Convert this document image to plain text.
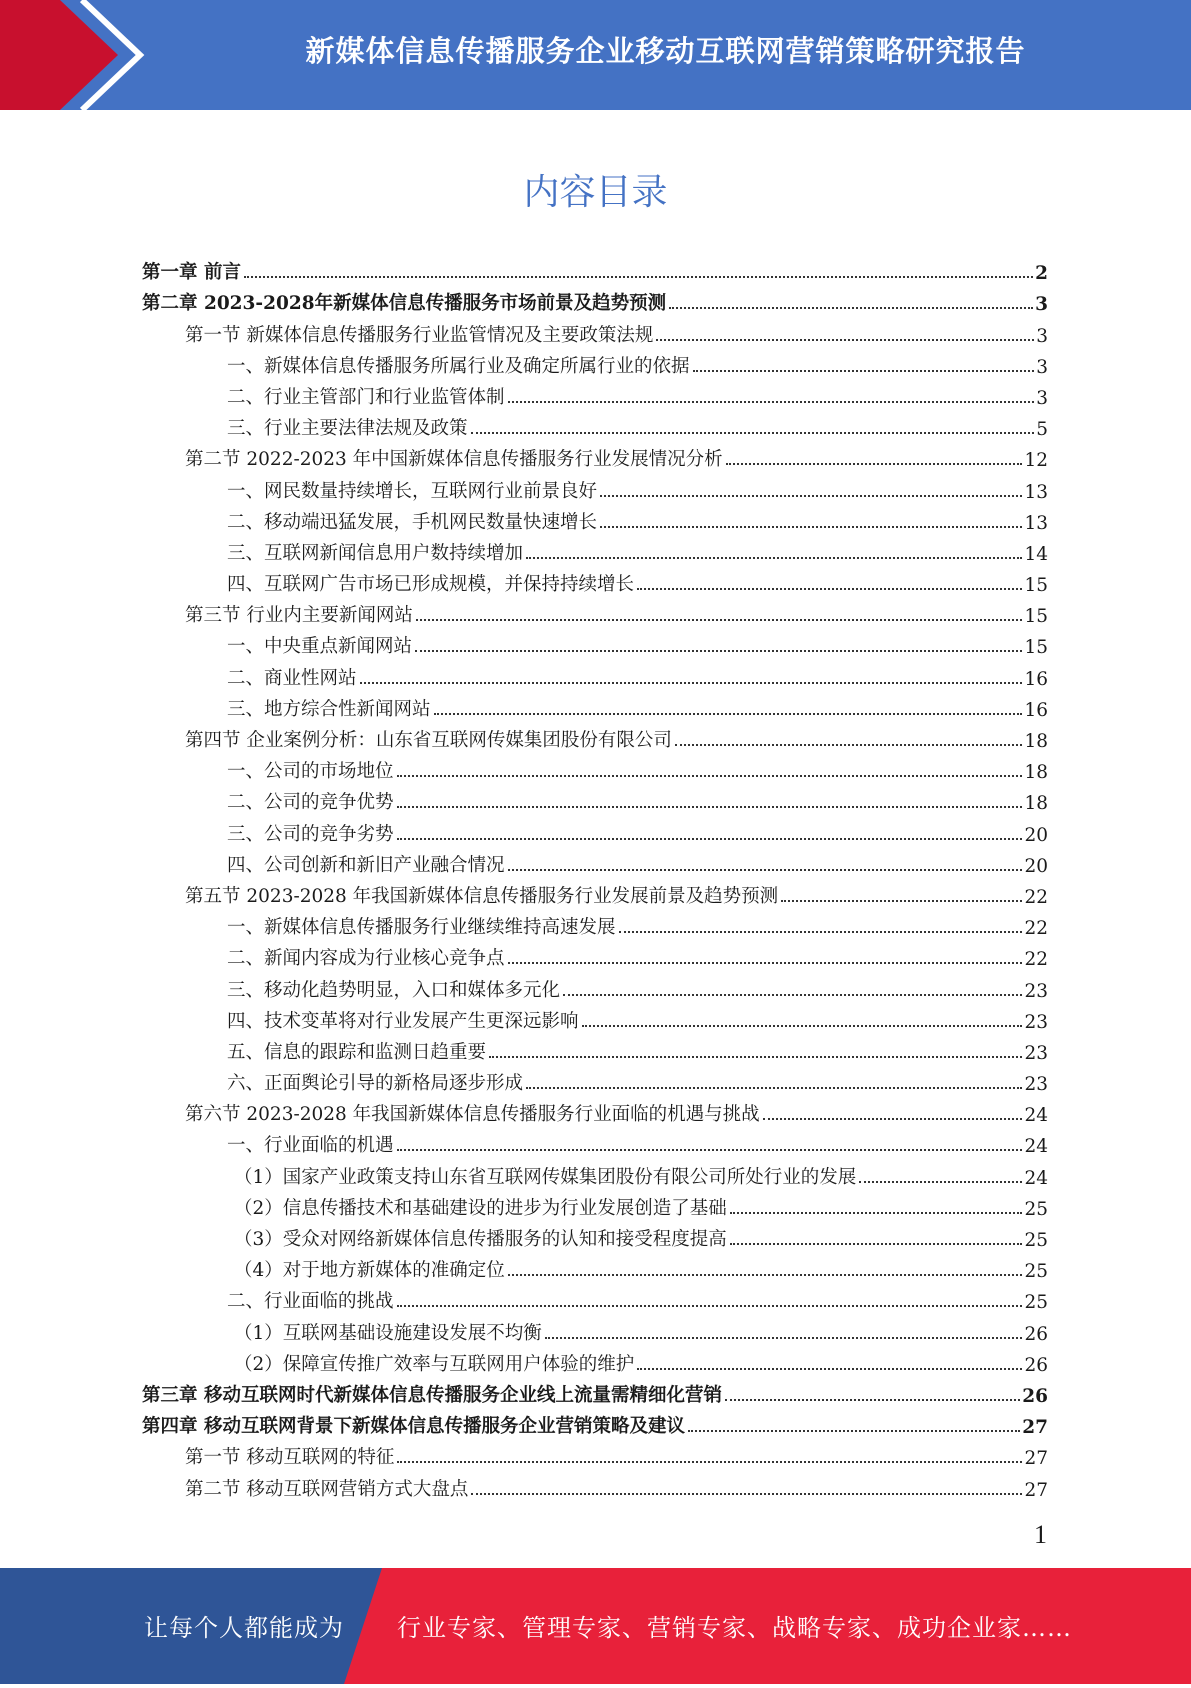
新媒体信息传播服务企业移动互联网营销策略研究报告
内容目录
第一章 前言	2
第二章 2023-2028年新媒体信息传播服务市场前景及趋势预测	3
第一节 新媒体信息传播服务行业监管情况及主要政策法规	3
一、新媒体信息传播服务所属行业及确定所属行业的依据	3
二、行业主管部门和行业监管体制	3
三、行业主要法律法规及政策	5
第二节 2022-2023 年中国新媒体信息传播服务行业发展情况分析	12
一、网民数量持续增长，互联网行业前景良好	13
二、移动端迅猛发展，手机网民数量快速增长	13
三、互联网新闻信息用户数持续增加	14
四、互联网广告市场已形成规模，并保持持续增长	15
第三节 行业内主要新闻网站	15
一、中央重点新闻网站	15
二、商业性网站	16
三、地方综合性新闻网站	16
第四节 企业案例分析：山东省互联网传媒集团股份有限公司	18
一、公司的市场地位	18
二、公司的竞争优势	18
三、公司的竞争劣势	20
四、公司创新和新旧产业融合情况	20
第五节 2023-2028 年我国新媒体信息传播服务行业发展前景及趋势预测	22
一、新媒体信息传播服务行业继续维持高速发展	22
二、新闻内容成为行业核心竞争点	22
三、移动化趋势明显，入口和媒体多元化	23
四、技术变革将对行业发展产生更深远影响	23
五、信息的跟踪和监测日趋重要	23
六、正面舆论引导的新格局逐步形成	23
第六节 2023-2028 年我国新媒体信息传播服务行业面临的机遇与挑战	24
一、行业面临的机遇	24
（1）国家产业政策支持山东省互联网传媒集团股份有限公司所处行业的发展	24
（2）信息传播技术和基础建设的进步为行业发展创造了基础	25
（3）受众对网络新媒体信息传播服务的认知和接受程度提高	25
（4）对于地方新媒体的准确定位	25
二、行业面临的挑战	25
（1）互联网基础设施建设发展不均衡	26
（2）保障宣传推广效率与互联网用户体验的维护	26
第三章 移动互联网时代新媒体信息传播服务企业线上流量需精细化营销	26
第四章 移动互联网背景下新媒体信息传播服务企业营销策略及建议	27
第一节 移动互联网的特征	27
第二节 移动互联网营销方式大盘点	27
1
让每个人都能成为 行业专家、管理专家、营销专家、战略专家、成功企业家……
